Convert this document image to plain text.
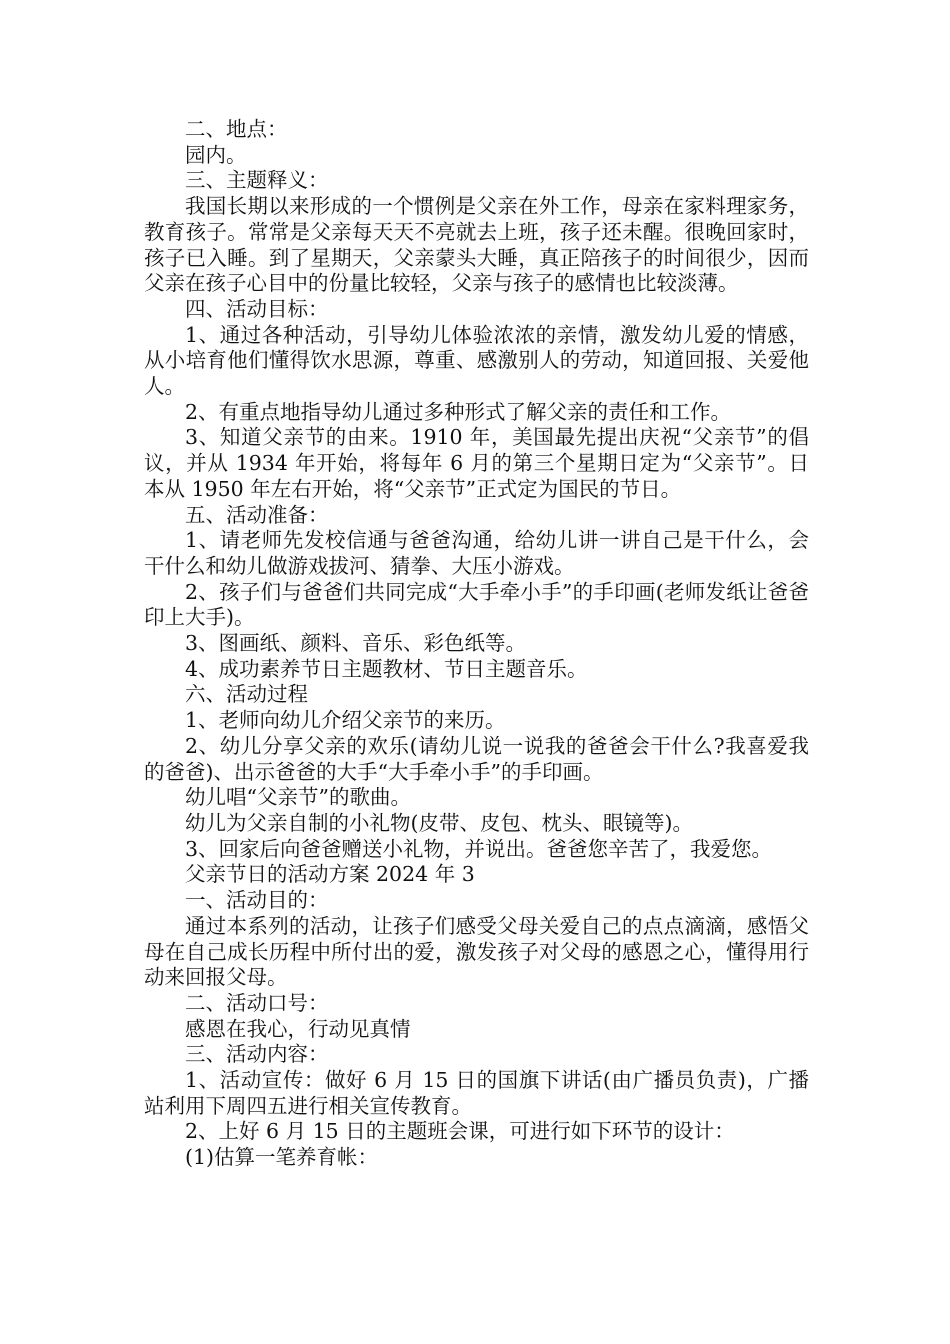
二、地点：

园内。

三、主题释义：

我国长期以来形成的一个惯例是父亲在外工作，母亲在家料理家务，教育孩子。常常是父亲每天天不亮就去上班，孩子还未醒。很晚回家时，孩子已入睡。到了星期天，父亲蒙头大睡，真正陪孩子的时间很少，因而父亲在孩子心目中的份量比较轻，父亲与孩子的感情也比较淡薄。

四、活动目标：

1、通过各种活动，引导幼儿体验浓浓的亲情，激发幼儿爱的情感，从小培育他们懂得饮水思源，尊重、感激别人的劳动，知道回报、关爱他人。

2、有重点地指导幼儿通过多种形式了解父亲的责任和工作。

3、知道父亲节的由来。1910 年，美国最先提出庆祝“父亲节”的倡议，并从 1934 年开始，将每年 6 月的第三个星期日定为“父亲节”。日本从 1950 年左右开始，将“父亲节”正式定为国民的节日。

五、活动准备：

1、请老师先发校信通与爸爸沟通，给幼儿讲一讲自己是干什么，会干什么和幼儿做游戏拔河、猜拳、大压小游戏。

2、孩子们与爸爸们共同完成“大手牵小手”的手印画(老师发纸让爸爸印上大手)。

3、图画纸、颜料、音乐、彩色纸等。

4、成功素养节日主题教材、节日主题音乐。

六、活动过程

1、老师向幼儿介绍父亲节的来历。

2、幼儿分享父亲的欢乐(请幼儿说一说我的爸爸会干什么?我喜爱我的爸爸)、出示爸爸的大手“大手牵小手”的手印画。

幼儿唱“父亲节”的歌曲。

幼儿为父亲自制的小礼物(皮带、皮包、枕头、眼镜等)。

3、回家后向爸爸赠送小礼物，并说出。爸爸您辛苦了，我爱您。

父亲节日的活动方案 2024 年 3

一、活动目的：

通过本系列的活动，让孩子们感受父母关爱自己的点点滴滴，感悟父母在自己成长历程中所付出的爱，激发孩子对父母的感恩之心，懂得用行动来回报父母。

二、活动口号：

感恩在我心，行动见真情

三、活动内容：

1、活动宣传：做好 6 月 15 日的国旗下讲话(由广播员负责)，广播站利用下周四五进行相关宣传教育。

2、上好 6 月 15 日的主题班会课，可进行如下环节的设计：

(1)估算一笔养育帐：
